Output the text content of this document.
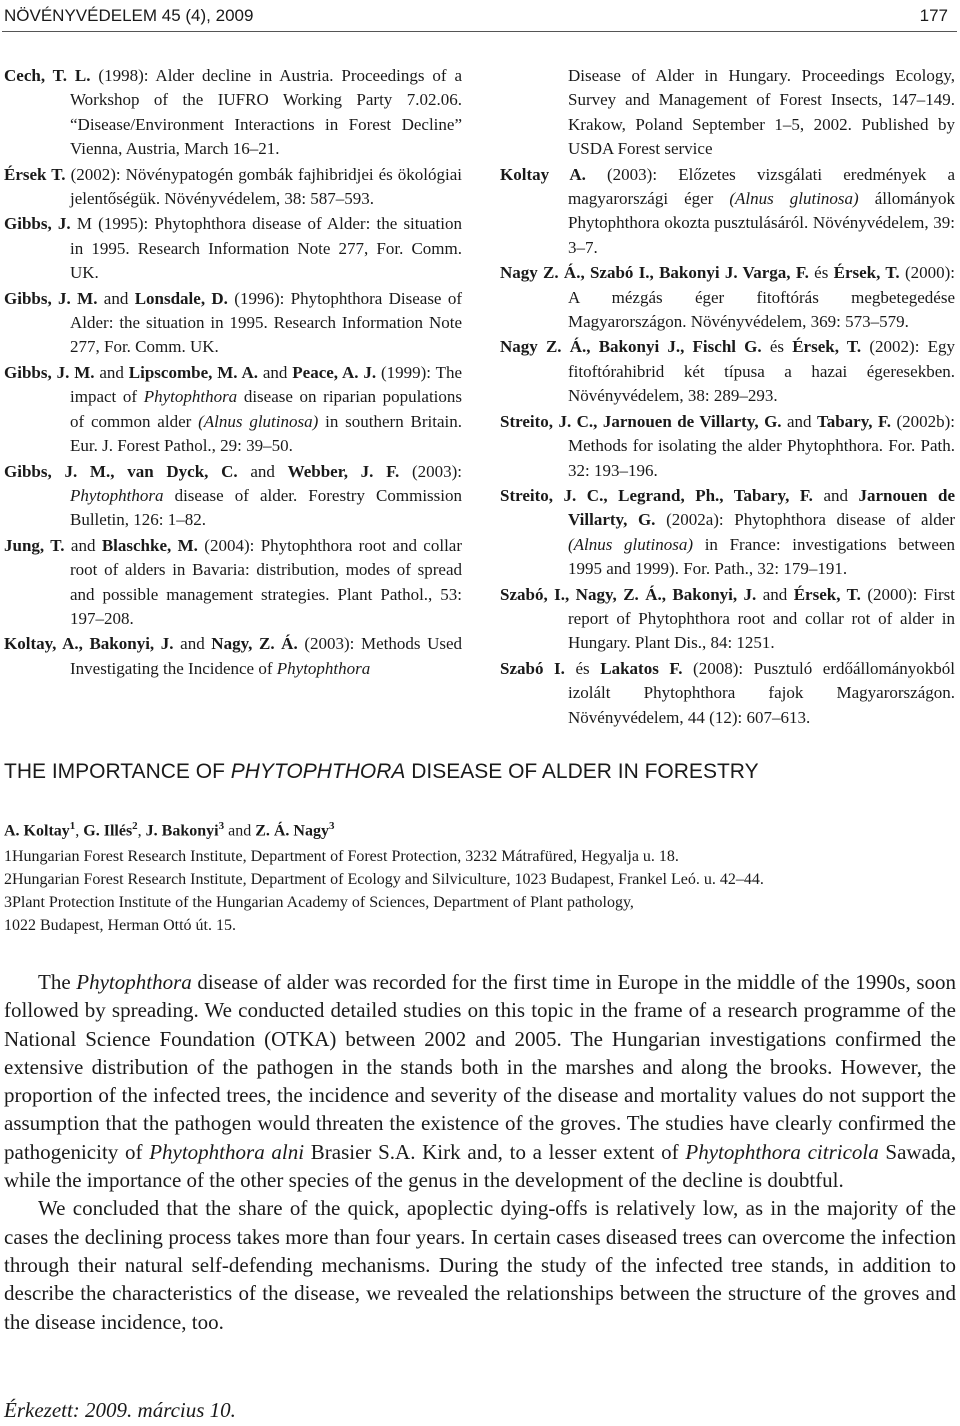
NÖVÉNYVÉDELEM 45 (4), 2009	177
Cech, T. L. (1998): Alder decline in Austria. Proceedings of a Workshop of the IUFRO Working Party 7.02.06. “Disease/Environment Interactions in Forest Decline” Vienna, Austria, March 16–21.
Érsek T. (2002): Növénypatogén gombák fajhibridjei és ökológiai jelentőségük. Növényvédelem, 38: 587–593.
Gibbs, J. M (1995): Phytophthora disease of Alder: the situation in 1995. Research Information Note 277, For. Comm. UK.
Gibbs, J. M. and Lonsdale, D. (1996): Phytophthora Disease of Alder: the situation in 1995. Research Information Note 277, For. Comm. UK.
Gibbs, J. M. and Lipscombe, M. A. and Peace, A. J. (1999): The impact of Phytophthora disease on riparian populations of common alder (Alnus glutinosa) in southern Britain. Eur. J. Forest Pathol., 29: 39–50.
Gibbs, J. M., van Dyck, C. and Webber, J. F. (2003): Phytophthora disease of alder. Forestry Commission Bulletin, 126: 1–82.
Jung, T. and Blaschke, M. (2004): Phytophthora root and collar root of alders in Bavaria: distribution, modes of spread and possible management strategies. Plant Pathol., 53: 197–208.
Koltay, A., Bakonyi, J. and Nagy, Z. Á. (2003): Methods Used Investigating the Incidence of Phytophthora
Disease of Alder in Hungary. Proceedings Ecology, Survey and Management of Forest Insects, 147–149. Krakow, Poland September 1–5, 2002. Published by USDA Forest service
Koltay A. (2003): Előzetes vizsgálati eredmények a magyarországi éger (Alnus glutinosa) állományok Phytophthora okozta pusztulásáról. Növényvédelem, 39: 3–7.
Nagy Z. Á., Szabó I., Bakonyi J. Varga, F. és Érsek, T. (2000): A mézgás éger fitoftórás megbetegedése Magyarországon. Növényvédelem, 369: 573–579.
Nagy Z. Á., Bakonyi J., Fischl G. és Érsek, T. (2002): Egy fitoftórahibrid két típusa a hazai égeresekben. Növényvédelem, 38: 289–293.
Streito, J. C., Jarnouen de Villarty, G. and Tabary, F. (2002b): Methods for isolating the alder Phytophthora. For. Path. 32: 193–196.
Streito, J. C., Legrand, Ph., Tabary, F. and Jarnouen de Villarty, G. (2002a): Phytophthora disease of alder (Alnus glutinosa) in France: investigations between 1995 and 1999). For. Path., 32: 179–191.
Szabó, I., Nagy, Z. Á., Bakonyi, J. and Érsek, T. (2000): First report of Phytophthora root and collar rot of alder in Hungary. Plant Dis., 84: 1251.
Szabó I. és Lakatos F. (2008): Pusztuló erdőállományokból izolált Phytophthora fajok Magyarországon. Növényvédelem, 44 (12): 607–613.
THE IMPORTANCE OF PHYTOPHTHORA DISEASE OF ALDER IN FORESTRY
A. Koltay$^1$, G. Illés$^2$, J. Bakonyi$^3$ and Z. Á. Nagy$^3$
1Hungarian Forest Research Institute, Department of Forest Protection, 3232 Mátrafüred, Hegyalja u. 18.
2Hungarian Forest Research Institute, Department of Ecology and Silviculture, 1023 Budapest, Frankel Leó. u. 42–44.
3Plant Protection Institute of the Hungarian Academy of Sciences, Department of Plant pathology,
1022 Budapest, Herman Ottó út. 15.

The Phytophthora disease of alder was recorded for the first time in Europe in the middle of the 1990s, soon followed by spreading. We conducted detailed studies on this topic in the frame of a research programme of the National Science Foundation (OTKA) between 2002 and 2005. The Hungarian investigations confirmed the extensive distribution of the pathogen in the stands both in the marshes and along the brooks. However, the proportion of the infected trees, the incidence and severity of the disease and mortality values do not support the assumption that the pathogen would threaten the existence of the groves. The studies have clearly confirmed the pathogenicity of Phytophthora alni Brasier S.A. Kirk and, to a lesser extent of Phytophthora citricola Sawada, while the importance of the other species of the genus in the development of the decline is doubtful.

We concluded that the share of the quick, apoplectic dying-offs is relatively low, as in the majority of the cases the declining process takes more than four years. In certain cases diseased trees can overcome the infection through their natural self-defending mechanisms. During the study of the infected tree stands, in addition to describe the characteristics of the disease, we revealed the relationships between the structure of the groves and the disease incidence, too.

Érkezett: 2009. március 10.
